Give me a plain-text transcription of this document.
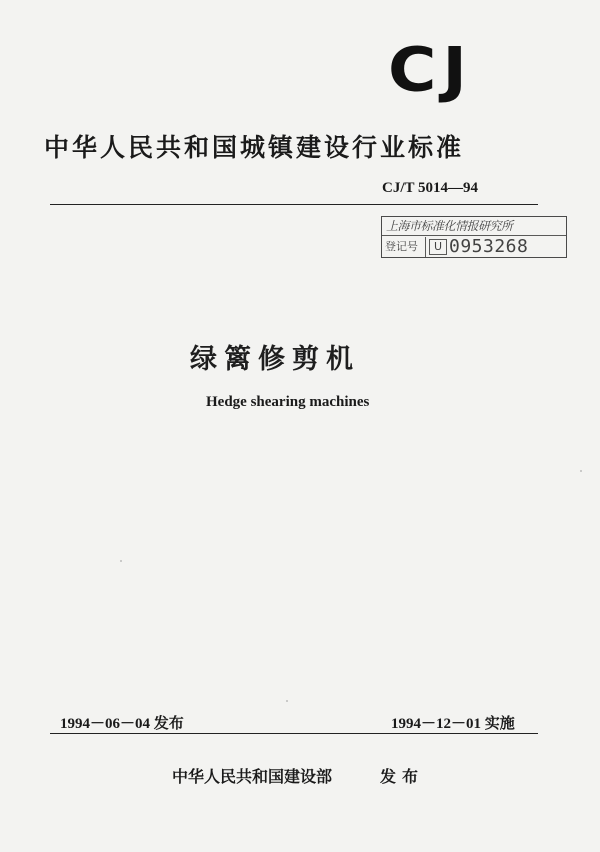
CJ
中华人民共和国城镇建设行业标准
CJ/T 5014—94
上海市标准化情报研究所
登记号	U 0953268
绿篱修剪机
Hedge shearing machines
1994－06－04 发布	1994－12－01 实施
中华人民共和国建设部	发布
